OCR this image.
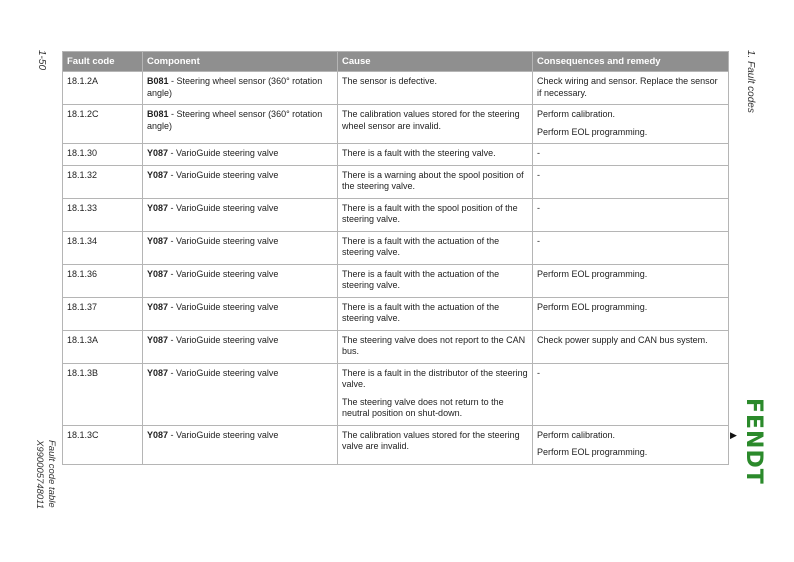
1-50
Fault code table
X990005748011
1. Fault codes
FENDT
▶
Fault code	Component	Cause	Consequences and remedy
18.1.2A	B081 - Steering wheel sensor (360° rotation angle)	The sensor is defective.	Check wiring and sensor. Replace the sensor if necessary.

18.1.2C	B081 - Steering wheel sensor (360° rotation angle)	The calibration values stored for the steering wheel sensor are invalid.	Perform calibration.
Perform EOL programming.

18.1.30	Y087 - VarioGuide steering valve	There is a fault with the steering valve.	-

18.1.32	Y087 - VarioGuide steering valve	There is a warning about the spool position of the steering valve.	-

18.1.33	Y087 - VarioGuide steering valve	There is a fault with the spool position of the steering valve.	-

18.1.34	Y087 - VarioGuide steering valve	There is a fault with the actuation of the steering valve.	-

18.1.36	Y087 - VarioGuide steering valve	There is a fault with the actuation of the steering valve.	Perform EOL programming.

18.1.37	Y087 - VarioGuide steering valve	There is a fault with the actuation of the steering valve.	Perform EOL programming.

18.1.3A	Y087 - VarioGuide steering valve	The steering valve does not report to the CAN bus.	Check power supply and CAN bus system.

18.1.3B	Y087 - VarioGuide steering valve	There is a fault in the distributor of the steering valve.
The steering valve does not return to the neutral position on shut-down.	-

18.1.3C	Y087 - VarioGuide steering valve	The calibration values stored for the steering valve are invalid.	Perform calibration.
Perform EOL programming.
